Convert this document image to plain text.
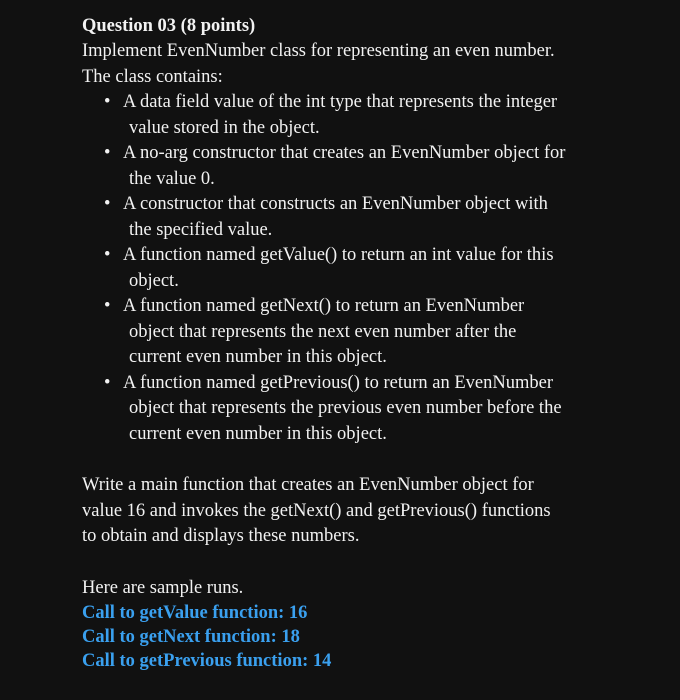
Question 03 (8 points)

Implement EvenNumber class for representing an even number.

The class contains:

• A data field value of the int type that represents the integer
value stored in the object.
• A no-arg constructor that creates an EvenNumber object for
the value 0.
• A constructor that constructs an EvenNumber object with
the specified value.
• A function named getValue() to return an int value for this
object.
• A function named getNext() to return an EvenNumber
object that represents the next even number after the
current even number in this object.
• A function named getPrevious() to return an EvenNumber
object that represents the previous even number before the
current even number in this object.

Write a main function that creates an EvenNumber object for

value 16 and invokes the getNext() and getPrevious() functions

to obtain and displays these numbers.

Here are sample runs.

Call to getValue function: 16

Call to getNext function: 18

Call to getPrevious function: 14
